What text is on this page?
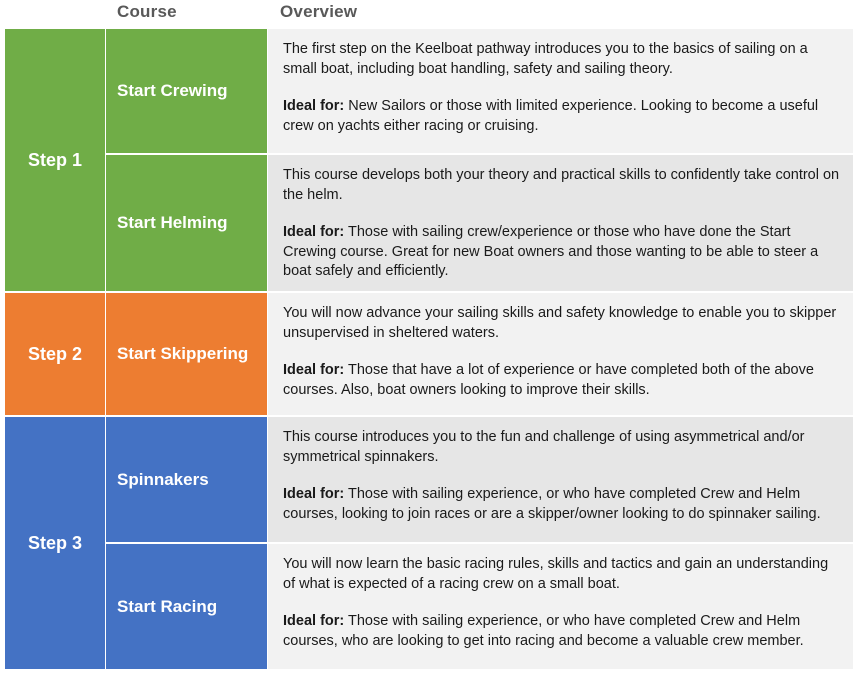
Course	Overview
Step 1
Step 2
Step 3
Start Crewing
Start Helming
Start Skippering
Spinnakers
Start Racing

The first step on the Keelboat pathway introduces you to the basics of sailing on a small boat, including boat handling, safety and sailing theory.

Ideal for: New Sailors or those with limited experience. Looking to become a useful crew on yachts either racing or cruising.

This course develops both your theory and practical skills to confidently take control on the helm.

Ideal for: Those with sailing crew/experience or those who have done the Start Crewing course. Great for new Boat owners and those wanting to be able to steer a boat safely and efficiently.

You will now advance your sailing skills and safety knowledge to enable you to skipper unsupervised in sheltered waters.

Ideal for: Those that have a lot of experience or have completed both of the above courses. Also, boat owners looking to improve their skills.

This course introduces you to the fun and challenge of using asymmetrical and/or symmetrical spinnakers.

Ideal for: Those with sailing experience, or who have completed Crew and Helm courses, looking to join races or are a skipper/owner looking to do spinnaker sailing.

You will now learn the basic racing rules, skills and tactics and gain an understanding of what is expected of a racing crew on a small boat.

Ideal for: Those with sailing experience, or who have completed Crew and Helm courses, who are looking to get into racing and become a valuable crew member.
